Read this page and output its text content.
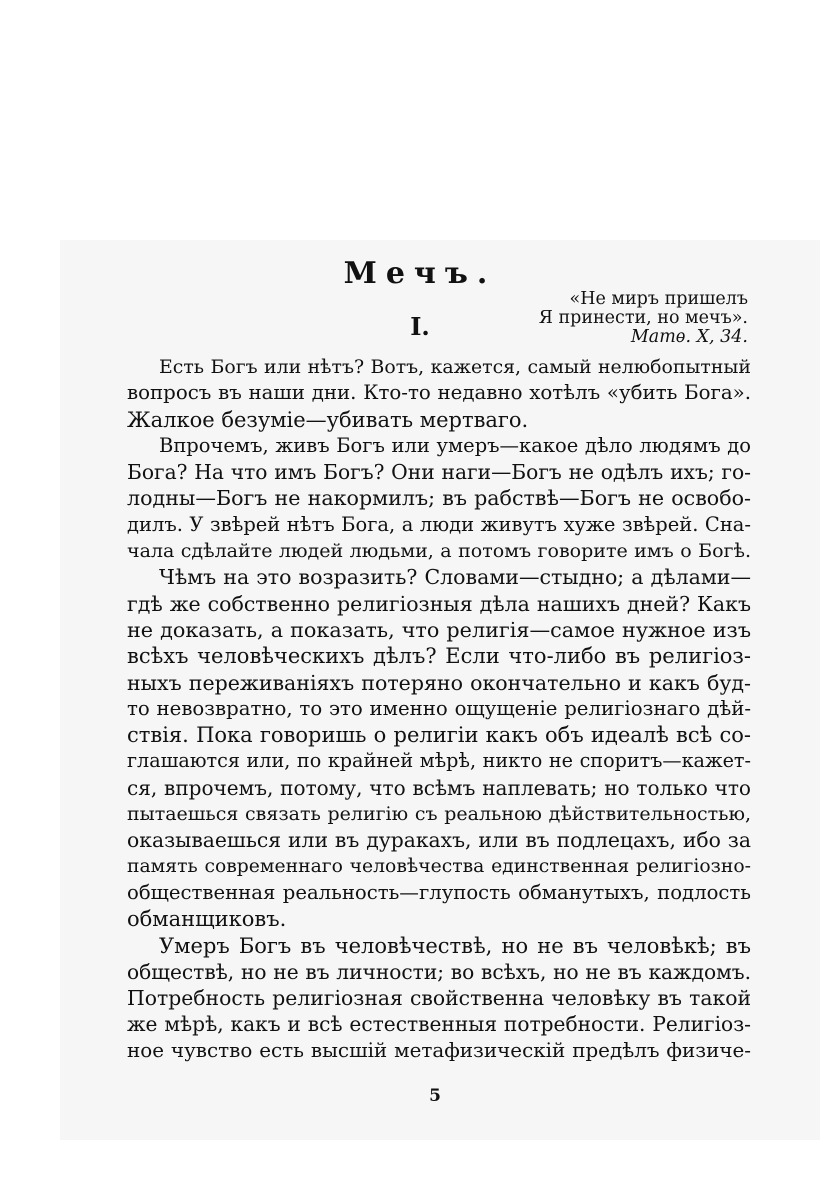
Мечъ.
«Не миръ пришелъ
Я принести, но мечъ».
Матѳ. X, 34.
I.
Есть Богъ или нѣтъ? Вотъ, кажется, самый нелюбопытный
вопросъ въ наши дни. Кто-то недавно хотѣлъ «убить Бога».
Жалкое безуміе—убивать мертваго.
Впрочемъ, живъ Богъ или умеръ—какое дѣло людямъ до
Бога? На что имъ Богъ? Они наги—Богъ не одѣлъ ихъ; го-
лодны—Богъ не накормилъ; въ рабствѣ—Богъ не освобо-
дилъ. У звѣрей нѣтъ Бога, а люди живутъ хуже звѣрей. Сна-
чала сдѣлайте людей людьми, а потомъ говорите имъ о Богѣ.
Чѣмъ на это возразить? Словами—стыдно; а дѣлами—
гдѣ же собственно религіозныя дѣла нашихъ дней? Какъ
не доказать, а показать, что религія—самое нужное изъ
всѣхъ человѣческихъ дѣлъ? Если что-либо въ религіоз-
ныхъ переживаніяхъ потеряно окончательно и какъ буд-
то невозвратно, то это именно ощущеніе религіознаго дѣй-
ствія. Пока говоришь о религіи какъ объ идеалѣ всѣ со-
глашаются или, по крайней мѣрѣ, никто не споритъ—кажет-
ся, впрочемъ, потому, что всѣмъ наплевать; но только что
пытаешься связать религію съ реальною дѣйствительностью,
оказываешься или въ дуракахъ, или въ подлецахъ, ибо за
память современнаго человѣчества единственная религіозно-
общественная реальность—глупость обманутыхъ, подлость
обманщиковъ.
Умеръ Богъ въ человѣчествѣ, но не въ человѣкѣ; въ
обществѣ, но не въ личности; во всѣхъ, но не въ каждомъ.
Потребность религіозная свойственна человѣку въ такой
же мѣрѣ, какъ и всѣ естественныя потребности. Религіоз-
ное чувство есть высшій метафизическій предѣлъ физиче-
5
